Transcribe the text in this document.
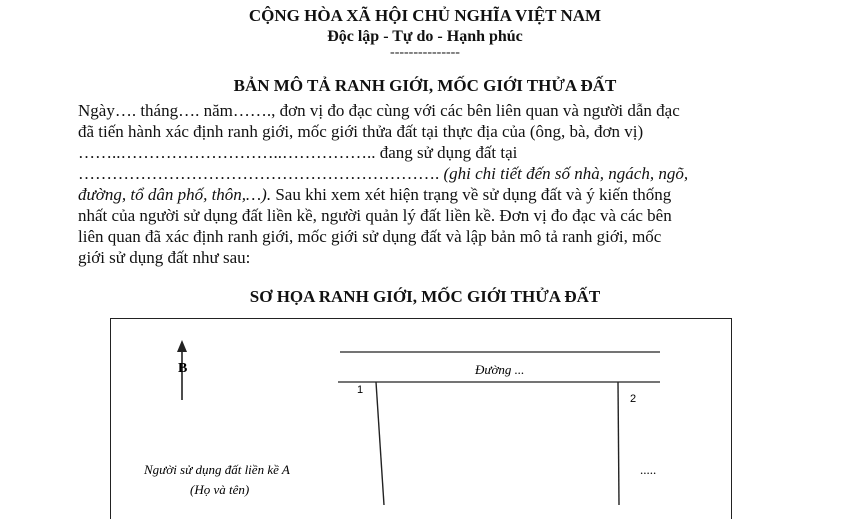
CỘNG HÒA XÃ HỘI CHỦ NGHĨA VIỆT NAM
Độc lập - Tự do - Hạnh phúc
---------------
BẢN MÔ TẢ RANH GIỚI, MỐC GIỚI THỬA ĐẤT
Ngày…. tháng…. năm……., đơn vị đo đạc cùng với các bên liên quan và người dẫn đạc
đã tiến hành xác định ranh giới, mốc giới thửa đất tại thực địa của (ông, bà, đơn vị)
……..………………………..…………….. đang sử dụng đất tại
………………………………………………………. (ghi chi tiết đến số nhà, ngách, ngõ,
đường, tổ dân phố, thôn,…). Sau khi xem xét hiện trạng về sử dụng đất và ý kiến thống
nhất của người sử dụng đất liền kề, người quản lý đất liền kề. Đơn vị đo đạc và các bên
liên quan đã xác định ranh giới, mốc giới sử dụng đất và lập bản mô tả ranh giới, mốc
giới sử dụng đất như sau:
SƠ HỌA RANH GIỚI, MỐC GIỚI THỬA ĐẤT
B	Đường ...
1
2
.....
Người sử dụng đất liền kề A
(Họ và tên)
